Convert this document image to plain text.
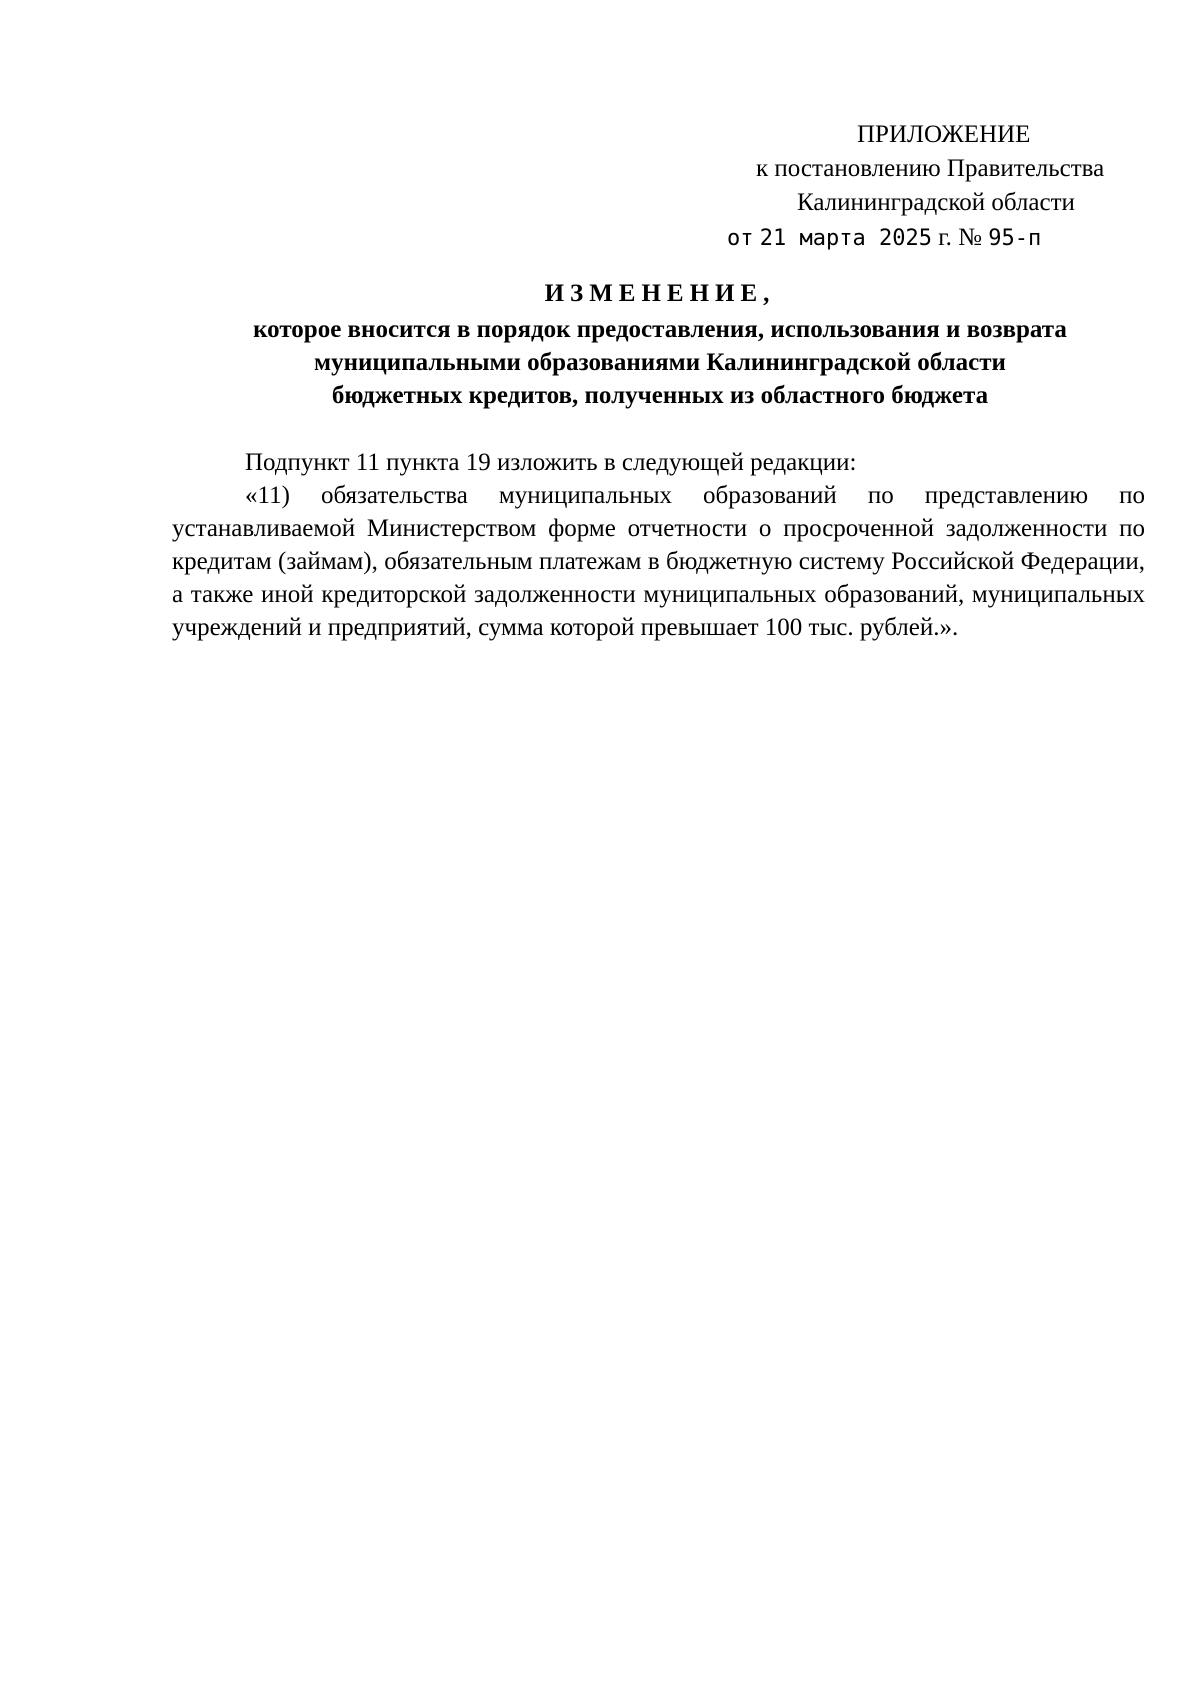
ПРИЛОЖЕНИЕ
к постановлению Правительства
Калининградской области
от 21 марта 2025 г. № 95-п
ИЗМЕНЕНИЕ,
которое вносится в порядок предоставления, использования и возврата
муниципальными образованиями Калининградской области
бюджетных кредитов, полученных из областного бюджета

Подпункт 11 пункта 19 изложить в следующей редакции:

«11) обязательства муниципальных образований по представлению по устанавливаемой Министерством форме отчетности о просроченной задолженности по кредитам (займам), обязательным платежам в бюджетную систему Российской Федерации, а также иной кредиторской задолженности муниципальных образований, муниципальных учреждений и предприятий, сумма которой превышает 100 тыс. рублей.».
